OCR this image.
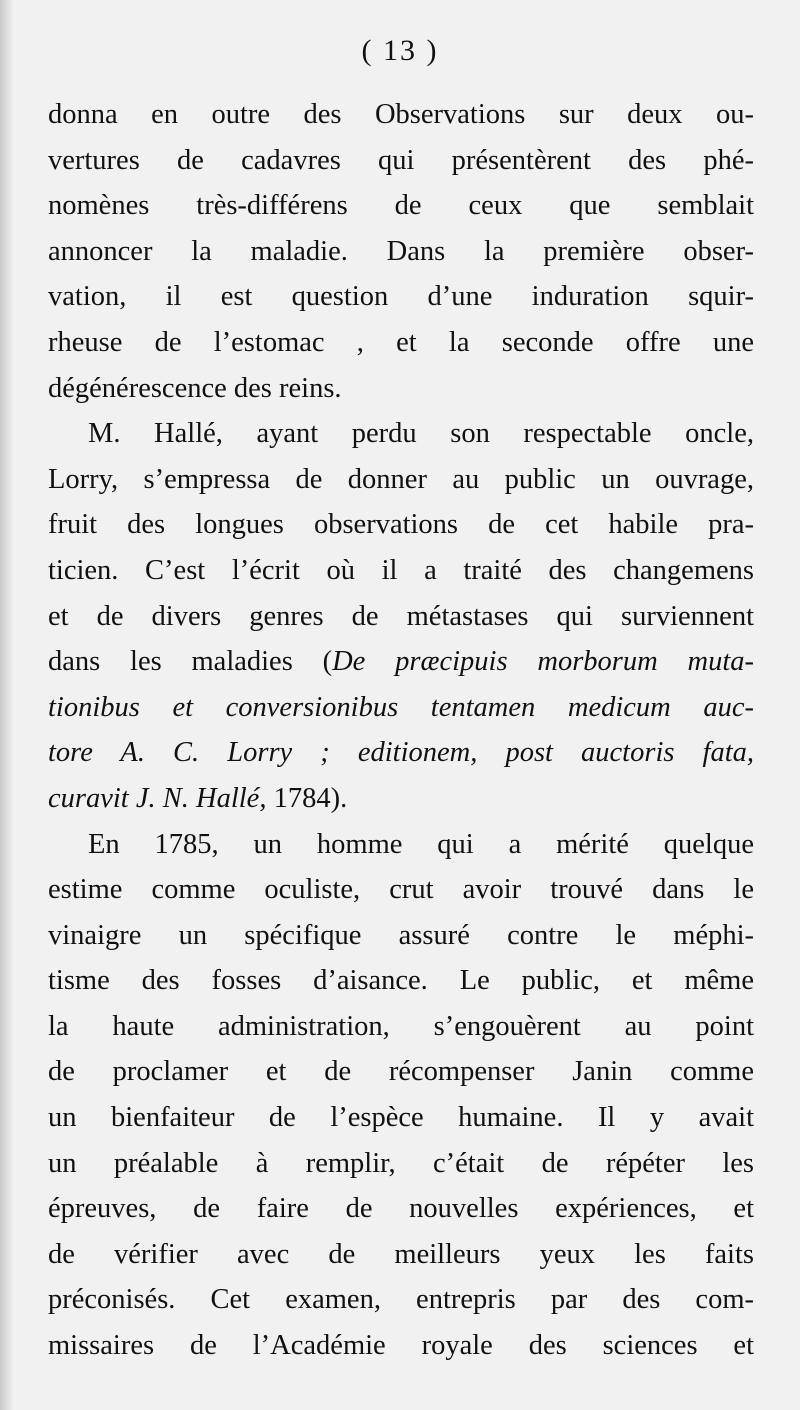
( 13 )
donna en outre des Observations sur deux ou-
vertures de cadavres qui présentèrent des phé-
nomènes très-différens de ceux que semblait
annoncer la maladie. Dans la première obser-
vation, il est question d’une induration squir-
rheuse de l’estomac , et la seconde offre une
dégénérescence des reins.
M. Hallé, ayant perdu son respectable oncle,
Lorry, s’empressa de donner au public un ouvrage,
fruit des longues observations de cet habile pra-
ticien. C’est l’écrit où il a traité des changemens
et de divers genres de métastases qui surviennent
dans les maladies (De præcipuis morborum muta-
tionibus et conversionibus tentamen medicum auc-
tore A. C. Lorry ; editionem, post auctoris fata,
curavit J. N. Hallé, 1784).
En 1785, un homme qui a mérité quelque
estime comme oculiste, crut avoir trouvé dans le
vinaigre un spécifique assuré contre le méphi-
tisme des fosses d’aisance. Le public, et même
la haute administration, s’engouèrent au point
de proclamer et de récompenser Janin comme
un bienfaiteur de l’espèce humaine. Il y avait
un préalable à remplir, c’était de répéter les
épreuves, de faire de nouvelles expériences, et
de vérifier avec de meilleurs yeux les faits
préconisés. Cet examen, entrepris par des com-
missaires de l’Académie royale des sciences et
